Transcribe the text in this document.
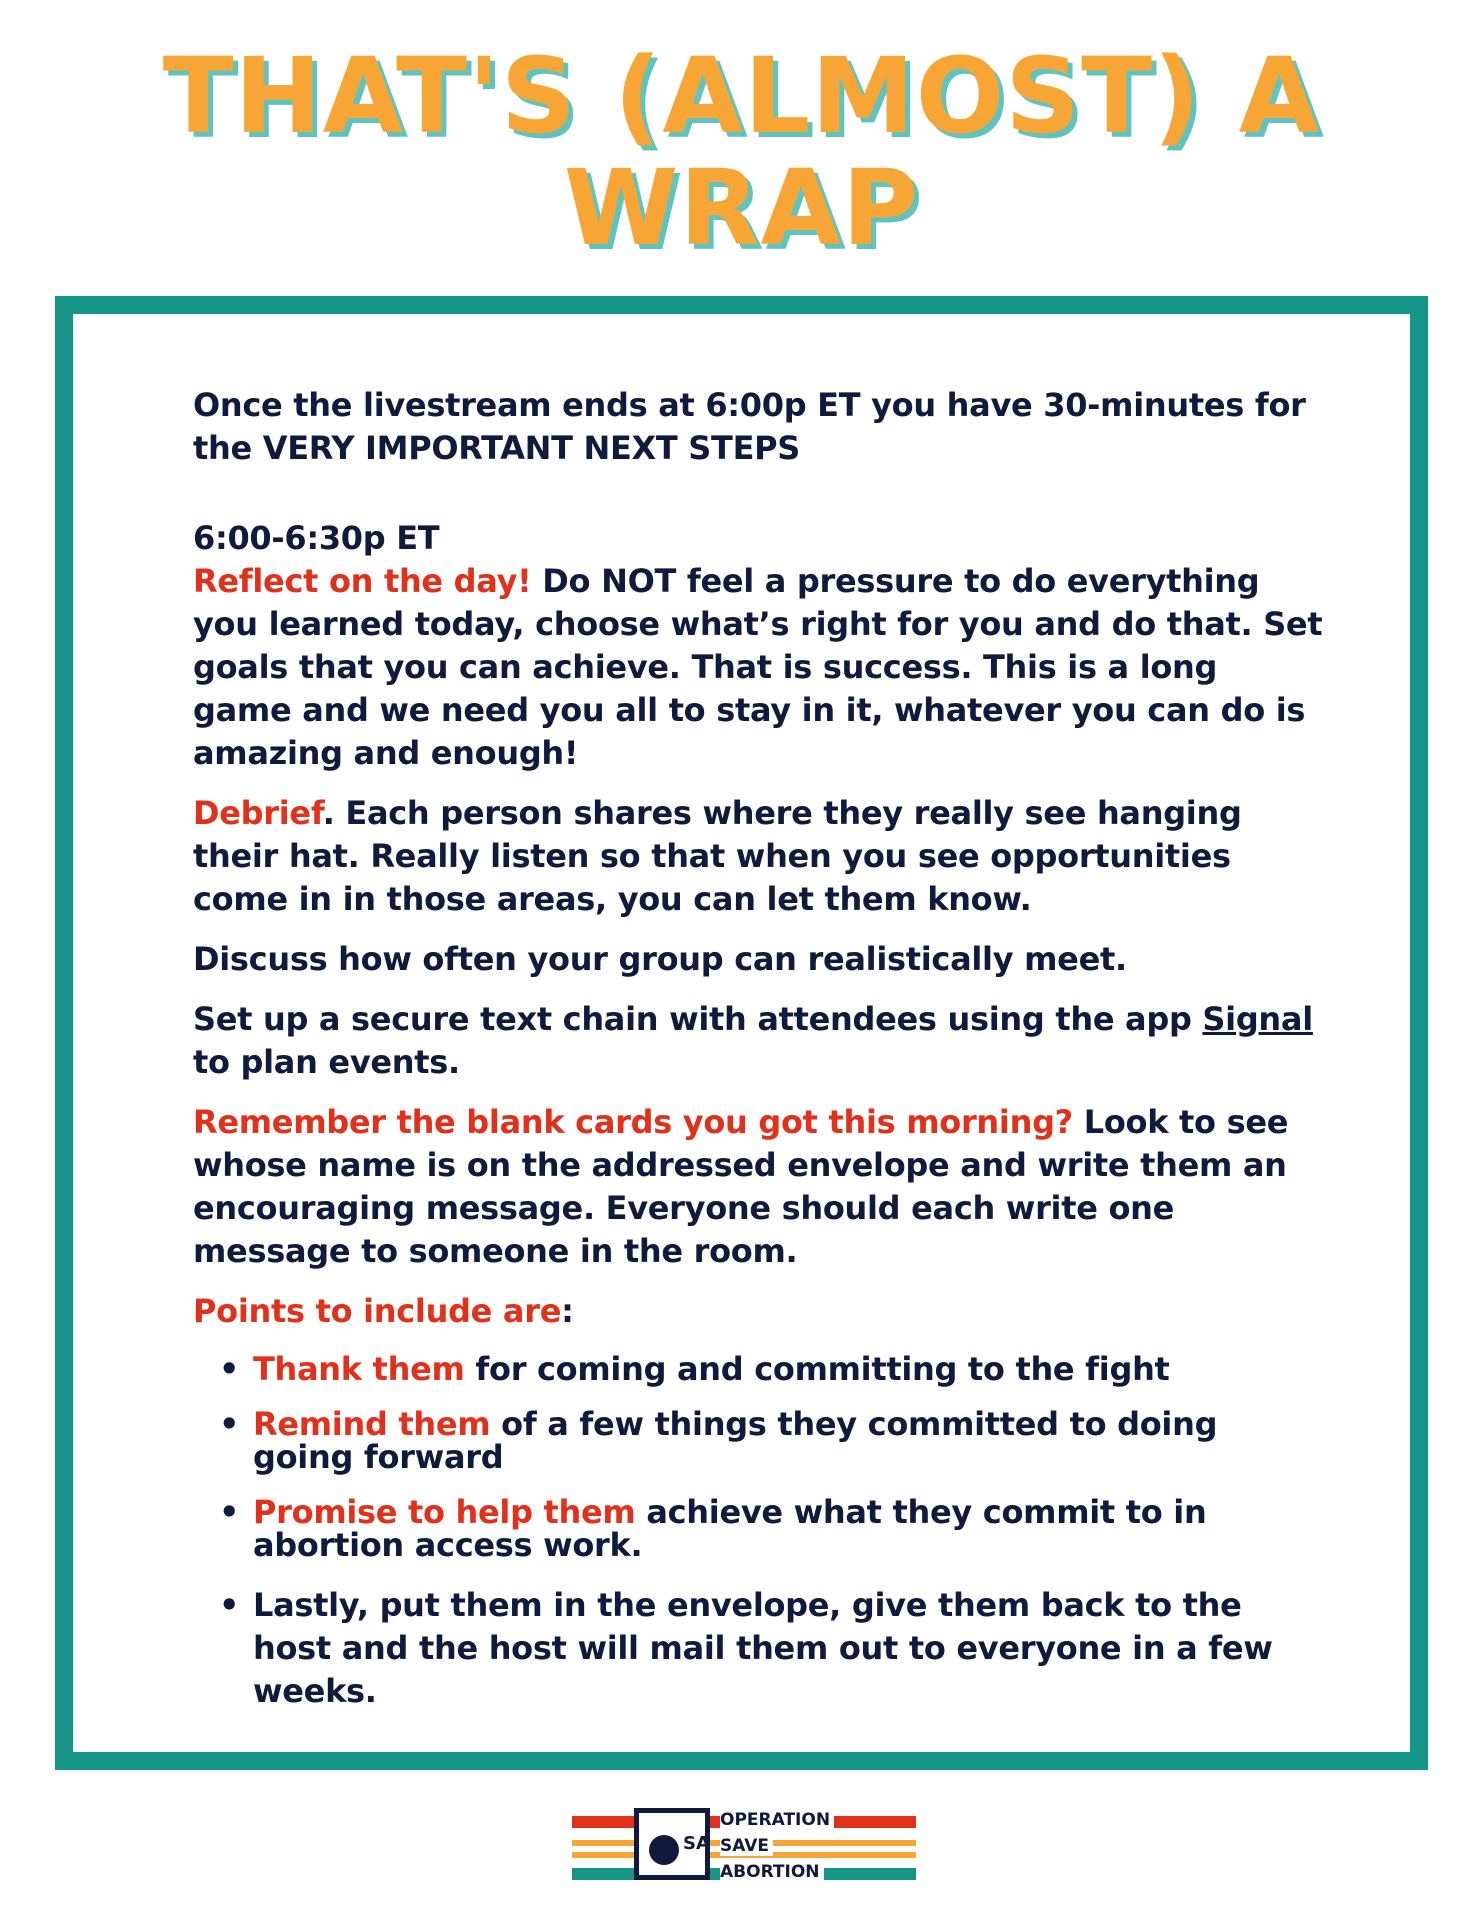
THAT'S (ALMOST) A
WRAP

Once the livestream ends at 6:00p ET you have 30-minutes for the VERY IMPORTANT NEXT STEPS

6:00-6:30p ET

Reflect on the day! Do NOT feel a pressure to do everything you learned today, choose what’s right for you and do that. Set goals that you can achieve. That is success. This is a long game and we need you all to stay in it, whatever you can do is amazing and enough!

Debrief. Each person shares where they really see hanging their hat. Really listen so that when you see opportunities come in in those areas, you can let them know.

Discuss how often your group can realistically meet.

Set up a secure text chain with attendees using the app Signal to plan events.

Remember the blank cards you got this morning? Look to see whose name is on the addressed envelope and write them an encouraging message. Everyone should each write one message to someone in the room.

Points to include are:

• Thank them for coming and committing to the fight
• Remind them of a few things they committed to doing going forward
• Promise to help them achieve what they commit to in abortion access work.
• Lastly, put them in the envelope, give them back to the host and the host will mail them out to everyone in a few weeks.
SA
OPERATION
SAVE
ABORTION
